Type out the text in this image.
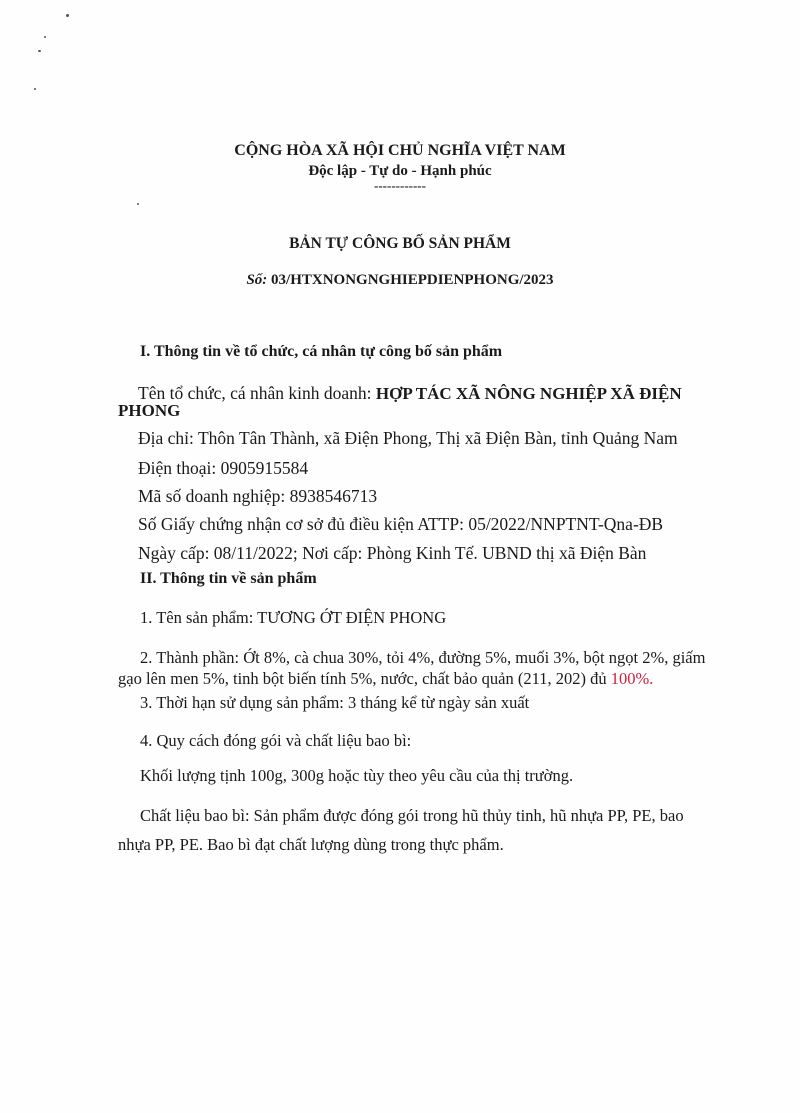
CỘNG HÒA XÃ HỘI CHỦ NGHĨA VIỆT NAM
Độc lập - Tự do - Hạnh phúc
------------
BẢN TỰ CÔNG BỐ SẢN PHẨM
Số: 03/HTXNONGNGHIEPDIENPHONG/2023
I. Thông tin về tổ chức, cá nhân tự công bố sản phẩm
Tên tổ chức, cá nhân kinh doanh: HỢP TÁC XÃ NÔNG NGHIỆP XÃ ĐIỆN
PHONG
Địa chỉ: Thôn Tân Thành, xã Điện Phong, Thị xã Điện Bàn, tỉnh Quảng Nam
Điện thoại: 0905915584
Mã số doanh nghiệp: 8938546713
Số Giấy chứng nhận cơ sở đủ điều kiện ATTP: 05/2022/NNPTNT-Qna-ĐB
Ngày cấp: 08/11/2022; Nơi cấp: Phòng Kinh Tế. UBND thị xã Điện Bàn
II. Thông tin về sản phẩm
1. Tên sản phẩm: TƯƠNG ỚT ĐIỆN PHONG
2. Thành phần: Ớt 8%, cà chua 30%, tỏi 4%, đường 5%, muối 3%, bột ngọt 2%, giấm
gạo lên men 5%, tinh bột biến tính 5%, nước, chất bảo quản (211, 202) đủ 100%.
3. Thời hạn sử dụng sản phẩm: 3 tháng kể từ ngày sản xuất
4. Quy cách đóng gói và chất liệu bao bì:
Khối lượng tịnh 100g, 300g hoặc tùy theo yêu cầu của thị trường.
Chất liệu bao bì: Sản phẩm được đóng gói trong hũ thủy tinh, hũ nhựa PP, PE, bao
nhựa PP, PE. Bao bì đạt chất lượng dùng trong thực phẩm.
